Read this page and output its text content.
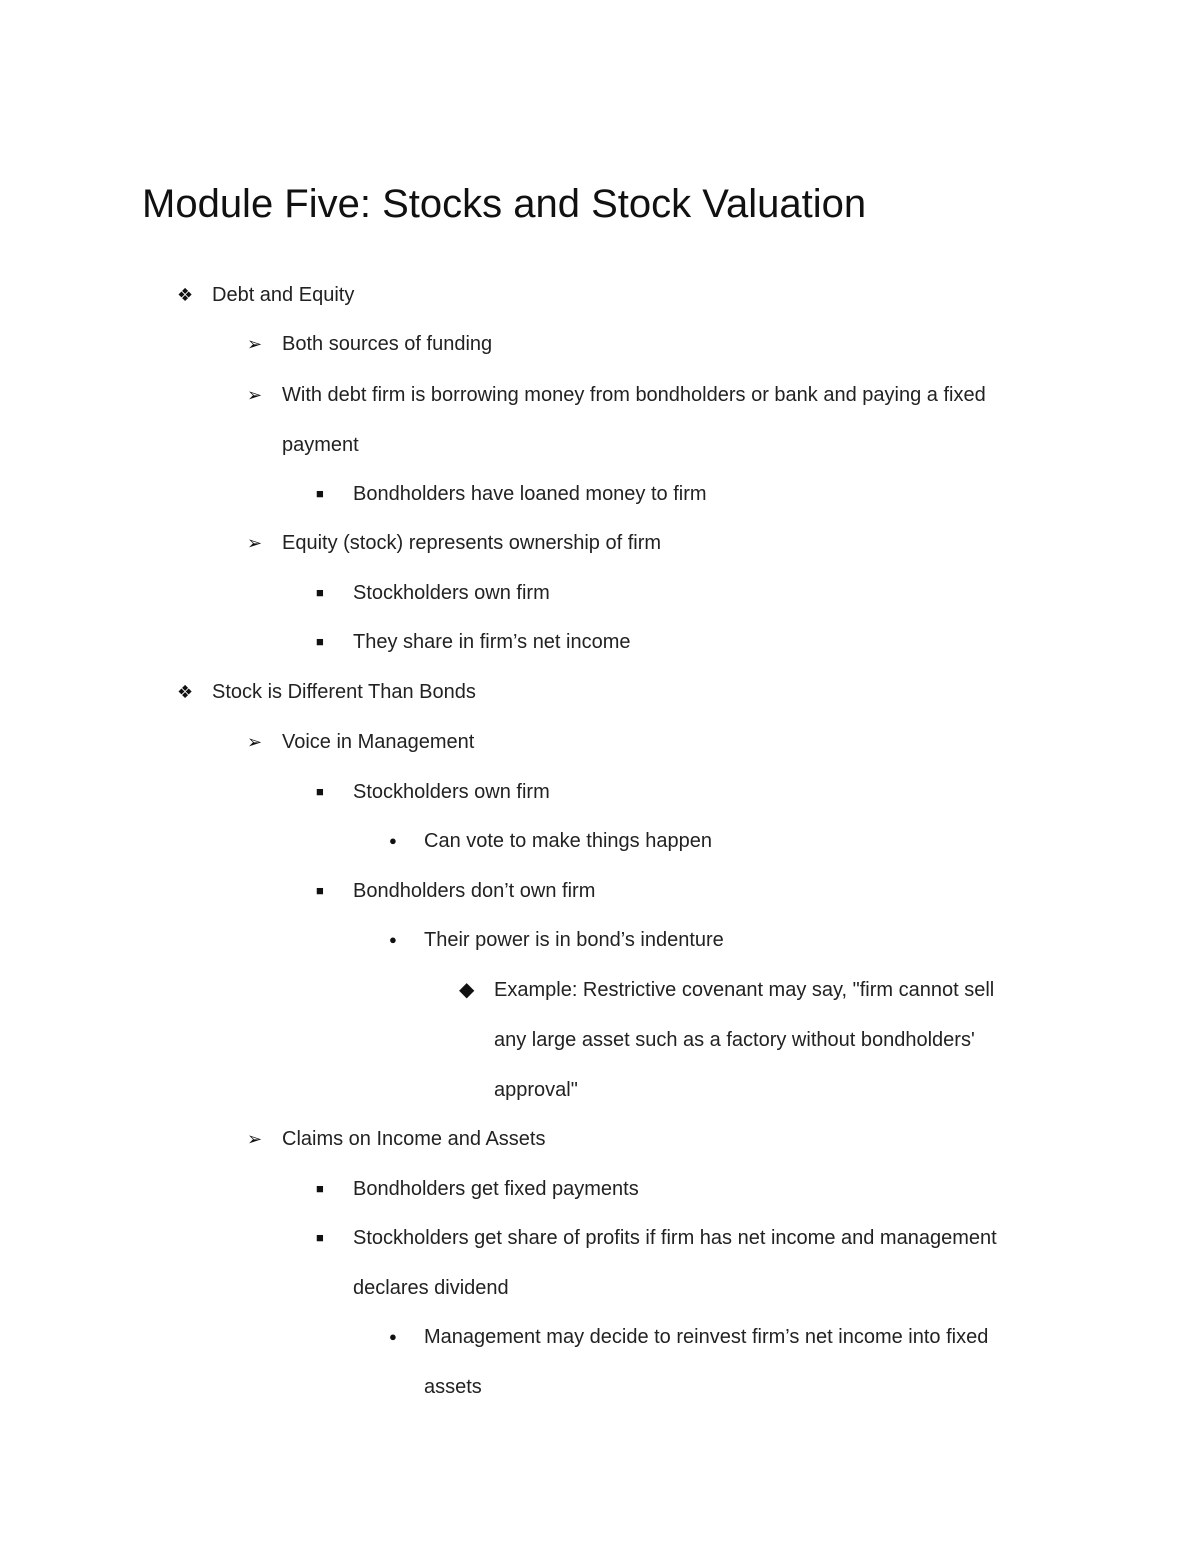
Module Five: Stocks and Stock Valuation
❖ Debt and Equity
➢ Both sources of funding
➢ With debt firm is borrowing money from bondholders or bank and paying a fixed
payment
■ Bondholders have loaned money to firm
➢ Equity (stock) represents ownership of firm
■ Stockholders own firm
■ They share in firm’s net income
❖ Stock is Different Than Bonds
➢ Voice in Management
■ Stockholders own firm
● Can vote to make things happen
■ Bondholders don’t own firm
● Their power is in bond’s indenture
◆ Example: Restrictive covenant may say, "firm cannot sell
any large asset such as a factory without bondholders'
approval"
➢ Claims on Income and Assets
■ Bondholders get fixed payments
■ Stockholders get share of profits if firm has net income and management
declares dividend
● Management may decide to reinvest firm’s net income into fixed
assets
